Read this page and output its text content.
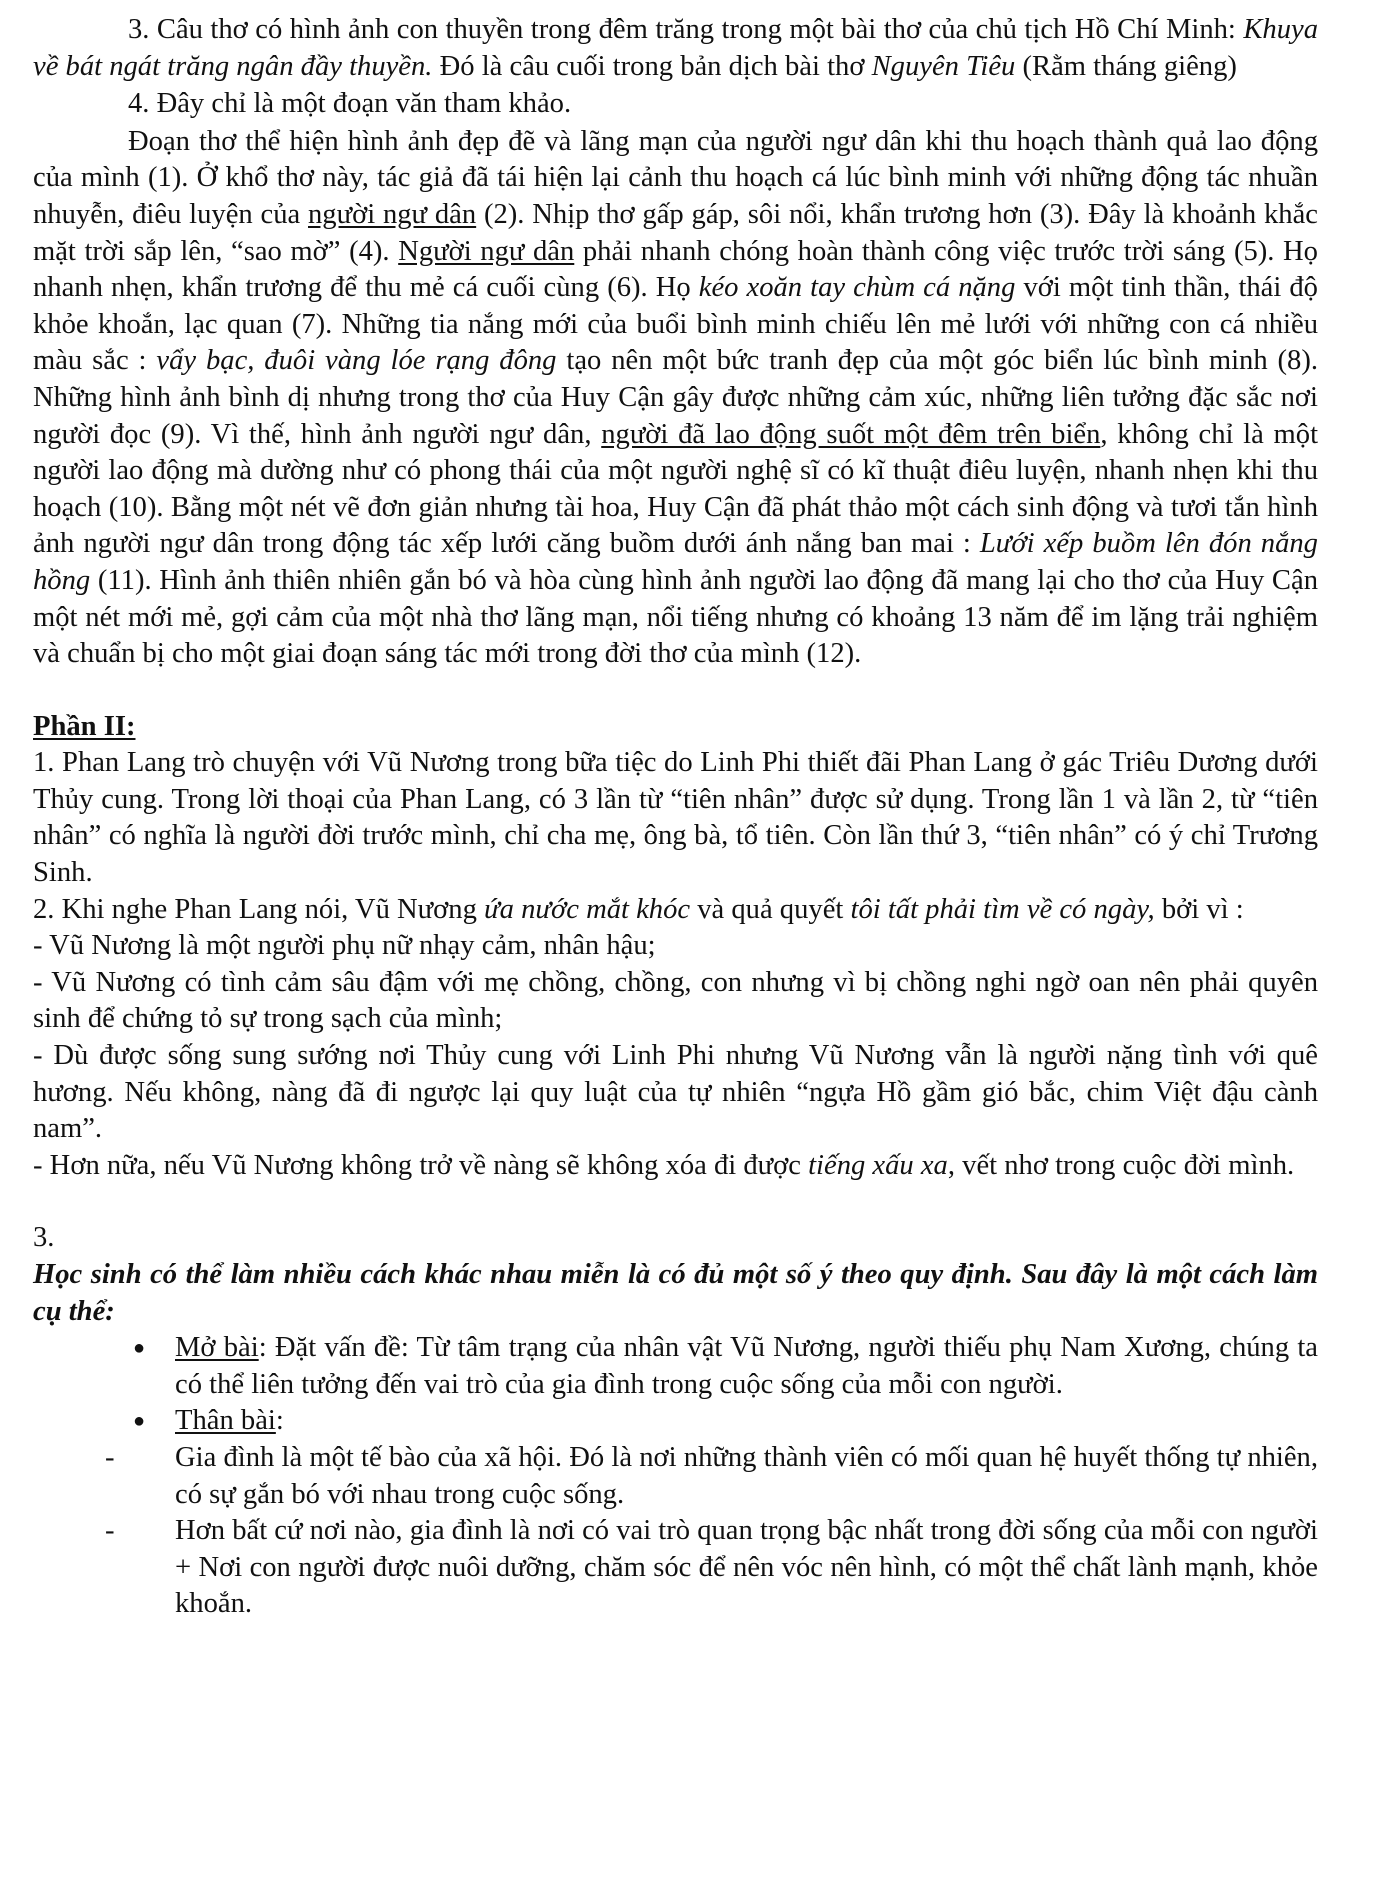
3. Câu thơ có hình ảnh con thuyền trong đêm trăng trong một bài thơ của chủ tịch Hồ Chí Minh: Khuya về bát ngát trăng ngân đầy thuyền. Đó là câu cuối trong bản dịch bài thơ Nguyên Tiêu (Rằm tháng giêng)

4. Đây chỉ là một đoạn văn tham khảo.

Đoạn thơ thể hiện hình ảnh đẹp đẽ và lãng mạn của người ngư dân khi thu hoạch thành quả lao động của mình (1). Ở khổ thơ này, tác giả đã tái hiện lại cảnh thu hoạch cá lúc bình minh với những động tác nhuần nhuyễn, điêu luyện của người ngư dân (2). Nhịp thơ gấp gáp, sôi nổi, khẩn trương hơn (3). Đây là khoảnh khắc mặt trời sắp lên, “sao mờ” (4). Người ngư dân phải nhanh chóng hoàn thành công việc trước trời sáng (5). Họ nhanh nhẹn, khẩn trương để thu mẻ cá cuối cùng (6). Họ kéo xoăn tay chùm cá nặng với một tinh thần, thái độ khỏe khoắn, lạc quan (7). Những tia nắng mới của buổi bình minh chiếu lên mẻ lưới với những con cá nhiều màu sắc : vẩy bạc, đuôi vàng lóe rạng đông tạo nên một bức tranh đẹp của một góc biển lúc bình minh (8). Những hình ảnh bình dị nhưng trong thơ của Huy Cận gây được những cảm xúc, những liên tưởng đặc sắc nơi người đọc (9). Vì thế, hình ảnh người ngư dân, người đã lao động suốt một đêm trên biển, không chỉ là một người lao động mà dường như có phong thái của một người nghệ sĩ có kĩ thuật điêu luyện, nhanh nhẹn khi thu hoạch (10). Bằng một nét vẽ đơn giản nhưng tài hoa, Huy Cận đã phát thảo một cách sinh động và tươi tắn hình ảnh người ngư dân trong động tác xếp lưới căng buồm dưới ánh nắng ban mai : Lưới xếp buồm lên đón nắng hồng (11). Hình ảnh thiên nhiên gắn bó và hòa cùng hình ảnh người lao động đã mang lại cho thơ của Huy Cận một nét mới mẻ, gợi cảm của một nhà thơ lãng mạn, nổi tiếng nhưng có khoảng 13 năm để im lặng trải nghiệm và chuẩn bị cho một giai đoạn sáng tác mới trong đời thơ của mình (12).

Phần II:

1. Phan Lang trò chuyện với Vũ Nương trong bữa tiệc do Linh Phi thiết đãi Phan Lang ở gác Triêu Dương dưới Thủy cung. Trong lời thoại của Phan Lang, có 3 lần từ “tiên nhân” được sử dụng. Trong lần 1 và lần 2, từ “tiên nhân” có nghĩa là người đời trước mình, chỉ cha mẹ, ông bà, tổ tiên. Còn lần thứ 3, “tiên nhân” có ý chỉ Trương Sinh.

2. Khi nghe Phan Lang nói, Vũ Nương ứa nước mắt khóc và quả quyết tôi tất phải tìm về có ngày, bởi vì :

- Vũ Nương là một người phụ nữ nhạy cảm, nhân hậu;

- Vũ Nương có tình cảm sâu đậm với mẹ chồng, chồng, con nhưng vì bị chồng nghi ngờ oan nên phải quyên sinh để chứng tỏ sự trong sạch của mình;

- Dù được sống sung sướng nơi Thủy cung với Linh Phi nhưng Vũ Nương vẫn là người nặng tình với quê hương. Nếu không, nàng đã đi ngược lại quy luật của tự nhiên “ngựa Hồ gầm gió bắc, chim Việt đậu cành nam”.

- Hơn nữa, nếu Vũ Nương không trở về nàng sẽ không xóa đi được tiếng xấu xa, vết nhơ trong cuộc đời mình.

3.

Học sinh có thể làm nhiều cách khác nhau miễn là có đủ một số ý theo quy định. Sau đây là một cách làm cụ thể:

● Mở bài: Đặt vấn đề: Từ tâm trạng của nhân vật Vũ Nương, người thiếu phụ Nam Xương, chúng ta có thể liên tưởng đến vai trò của gia đình trong cuộc sống của mỗi con người.
● Thân bài:

- Gia đình là một tế bào của xã hội. Đó là nơi những thành viên có mối quan hệ huyết thống tự nhiên, có sự gắn bó với nhau trong cuộc sống.

- Hơn bất cứ nơi nào, gia đình là nơi có vai trò quan trọng bậc nhất trong đời sống của mỗi con người

+ Nơi con người được nuôi dưỡng, chăm sóc để nên vóc nên hình, có một thể chất lành mạnh, khỏe khoắn.
